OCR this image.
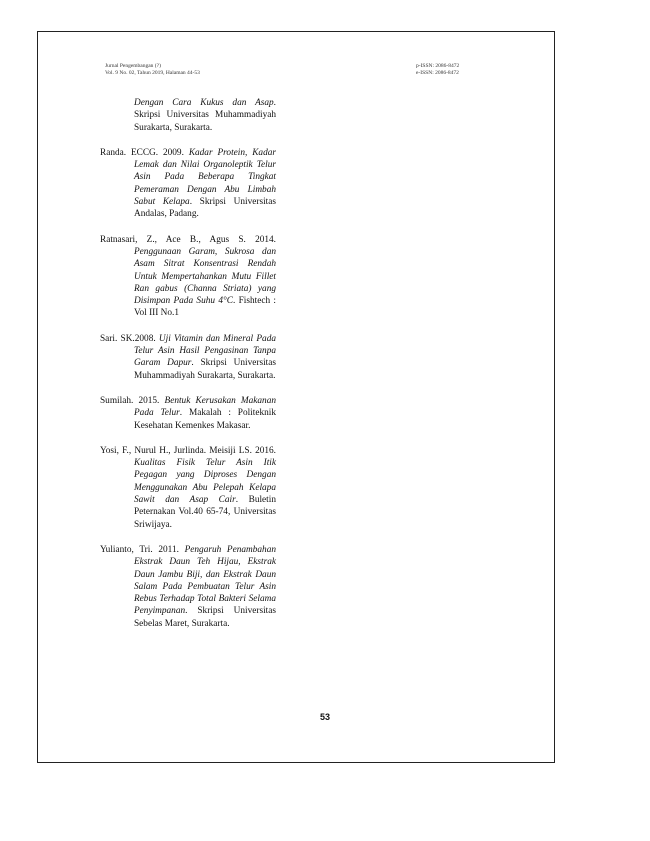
Jurnal Pengembangan (?)
Vol. 9 No. 02, Tahun 2019, Halaman 44-53
p-ISSN: 2086-8472
e-ISSN: 2086-8472
Dengan Cara Kukus dan Asap. Skripsi Universitas Muhammadiyah Surakarta, Surakarta.
Randa. ECCG. 2009. Kadar Protein, Kadar Lemak dan Nilai Organoleptik Telur Asin Pada Beberapa Tingkat Pemeraman Dengan Abu Limbah Sabut Kelapa. Skripsi Universitas Andalas, Padang.
Ratnasari, Z., Ace B., Agus S. 2014. Penggunaan Garam, Sukrosa dan Asam Sitrat Konsentrasi Rendah Untuk Mempertahankan Mutu Fillet Ran gabus (Channa Striata) yang Disimpan Pada Suhu 4°C. Fishtech : Vol III No.1
Sari. SK.2008. Uji Vitamin dan Mineral Pada Telur Asin Hasil Pengasinan Tanpa Garam Dapur. Skripsi Universitas Muhammadiyah Surakarta, Surakarta.
Sumilah. 2015. Bentuk Kerusakan Makanan Pada Telur. Makalah : Politeknik Kesehatan Kemenkes Makasar.
Yosi, F., Nurul H., Jurlinda. Meisiji LS. 2016. Kualitas Fisik Telur Asin Itik Pegagan yang Diproses Dengan Menggunakan Abu Pelepah Kelapa Sawit dan Asap Cair. Buletin Peternakan Vol.40 65-74, Universitas Sriwijaya.
Yulianto, Tri. 2011. Pengaruh Penambahan Ekstrak Daun Teh Hijau, Ekstrak Daun Jambu Biji, dan Ekstrak Daun Salam Pada Pembuatan Telur Asin Rebus Terhadap Total Bakteri Selama Penyimpanan. Skripsi Universitas Sebelas Maret, Surakarta.
53
